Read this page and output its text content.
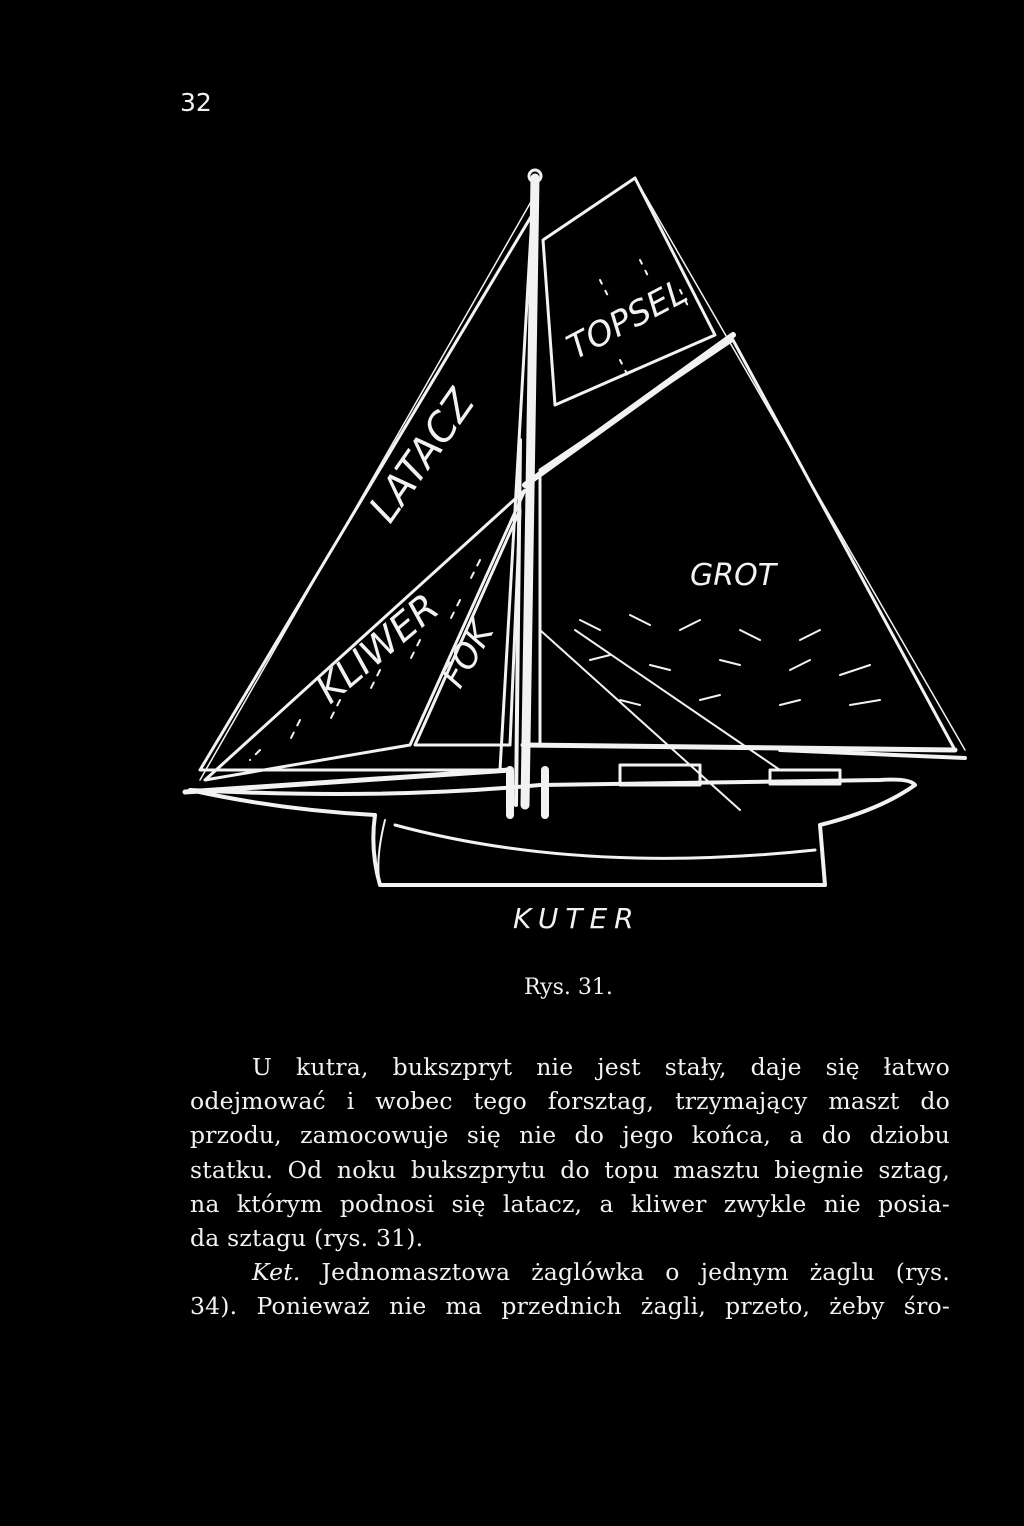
32
TOPSEL
LATACZ
GROT
KLIWER
FOK
KUTER
Rys. 31.
U kutra, bukszpryt nie jest stały, daje się łatwo
odejmować i wobec tego forsztag, trzymający maszt do
przodu, zamocowuje się nie do jego końca, a do dziobu
statku. Od noku bukszprytu do topu masztu biegnie sztag,
na którym podnosi się latacz, a kliwer zwykle nie posia-
da sztagu (rys. 31).
Ket. Jednomasztowa żaglówka o jednym żaglu (rys.
34). Ponieważ nie ma przednich żagli, przeto, żeby śro-
